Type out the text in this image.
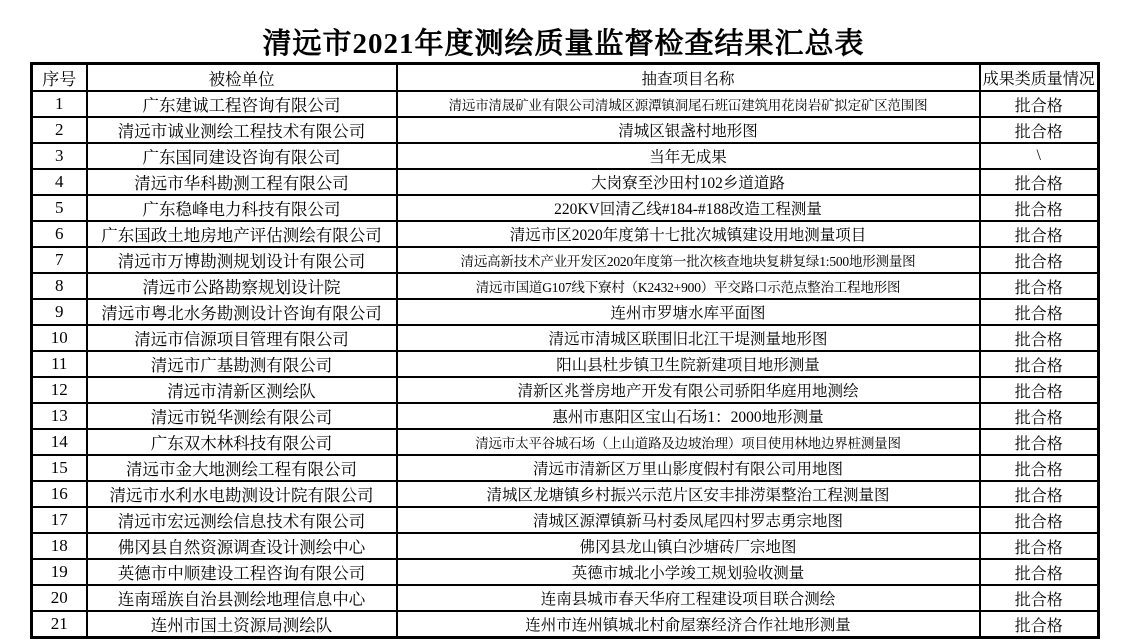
清远市2021年度测绘质量监督检查结果汇总表
序号	被检单位	抽查项目名称	成果类质量情况
1	广东建诚工程咨询有限公司	清远市清晟矿业有限公司清城区源潭镇洞尾石班冚建筑用花岗岩矿拟定矿区范围图	批合格
2	清远市诚业测绘工程技术有限公司	清城区银盏村地形图	批合格
3	广东国同建设咨询有限公司	当年无成果	\
4	清远市华科勘测工程有限公司	大岗寮至沙田村102乡道道路	批合格
5	广东稳峰电力科技有限公司	220KV回清乙线#184-#188改造工程测量	批合格
6	广东国政土地房地产评估测绘有限公司	清远市区2020年度第十七批次城镇建设用地测量项目	批合格
7	清远市万博勘测规划设计有限公司	清远高新技术产业开发区2020年度第一批次核查地块复耕复绿1:500地形测量图	批合格
8	清远市公路勘察规划设计院	清远市国道G107线下寮村（K2432+900）平交路口示范点整治工程地形图	批合格
9	清远市粤北水务勘测设计咨询有限公司	连州市罗塘水库平面图	批合格
10	清远市信源项目管理有限公司	清远市清城区联围旧北江干堤测量地形图	批合格
11	清远市广基勘测有限公司	阳山县杜步镇卫生院新建项目地形测量	批合格
12	清远市清新区测绘队	清新区兆誉房地产开发有限公司骄阳华庭用地测绘	批合格
13	清远市锐华测绘有限公司	惠州市惠阳区宝山石场1：2000地形测量	批合格
14	广东双木林科技有限公司	清远市太平谷城石场（上山道路及边坡治理）项目使用林地边界桩测量图	批合格
15	清远市金大地测绘工程有限公司	清远市清新区万里山影度假村有限公司用地图	批合格
16	清远市水利水电勘测设计院有限公司	清城区龙塘镇乡村振兴示范片区安丰排涝渠整治工程测量图	批合格
17	清远市宏远测绘信息技术有限公司	清城区源潭镇新马村委凤尾四村罗志勇宗地图	批合格
18	佛冈县自然资源调查设计测绘中心	佛冈县龙山镇白沙塘砖厂宗地图	批合格
19	英德市中顺建设工程咨询有限公司	英德市城北小学竣工规划验收测量	批合格
20	连南瑶族自治县测绘地理信息中心	连南县城市春天华府工程建设项目联合测绘	批合格
21	连州市国土资源局测绘队	连州市连州镇城北村俞屋寨经济合作社地形测量	批合格
